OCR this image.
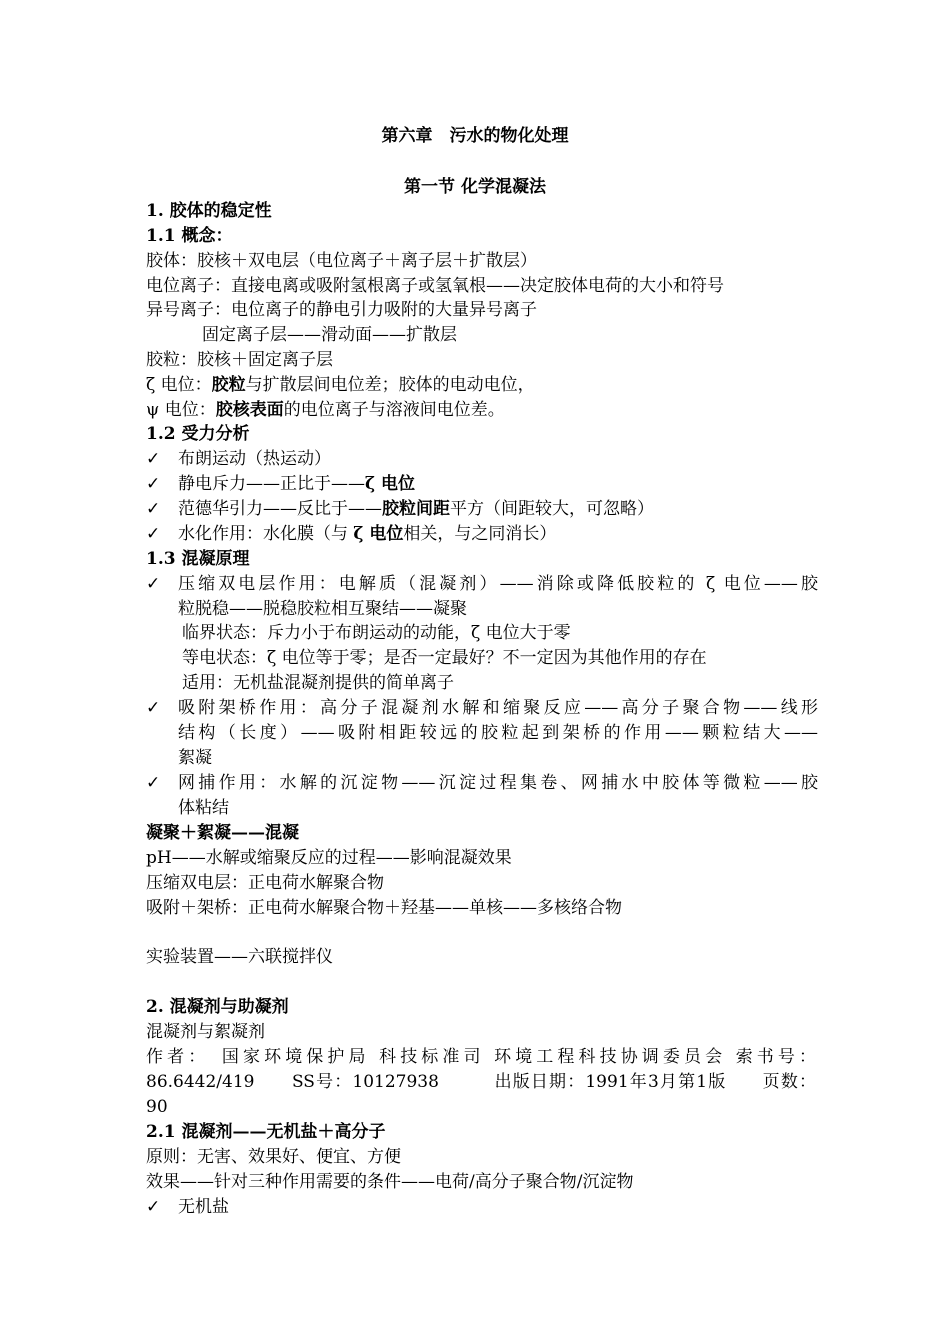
第六章　污水的物化处理
第一节 化学混凝法
1. 胶体的稳定性
1.1 概念：
胶体：胶核＋双电层（电位离子＋离子层＋扩散层）
电位离子：直接电离或吸附氢根离子或氢氧根——决定胶体电荷的大小和符号
异号离子：电位离子的静电引力吸附的大量异号离子
固定离子层——滑动面——扩散层
胶粒：胶核＋固定离子层
ζ 电位：胶粒与扩散层间电位差；胶体的电动电位，
ψ 电位：胶核表面的电位离子与溶液间电位差。
1.2 受力分析
✓ 布朗运动（热运动）
✓ 静电斥力——正比于——ζ 电位
✓ 范德华引力——反比于——胶粒间距平方（间距较大，可忽略）
✓ 水化作用：水化膜（与 ζ 电位相关，与之同消长）
1.3 混凝原理
✓	压缩双电层作用：电解质（混凝剂）——消除或降低胶粒的 ζ 电位——胶
粒脱稳——脱稳胶粒相互聚结——凝聚
临界状态：斥力小于布朗运动的动能，ζ 电位大于零
等电状态：ζ 电位等于零；是否一定最好？不一定因为其他作用的存在
适用：无机盐混凝剂提供的简单离子
✓	吸附架桥作用：高分子混凝剂水解和缩聚反应——高分子聚合物——线形
结构（长度）——吸附相距较远的胶粒起到架桥的作用——颗粒结大——
絮凝
✓	网捕作用：水解的沉淀物——沉淀过程集卷、网捕水中胶体等微粒——胶
体粘结
凝聚＋絮凝——混凝
pH——水解或缩聚反应的过程——影响混凝效果
压缩双电层：正电荷水解聚合物
吸附＋架桥：正电荷水解聚合物＋羟基——单核——多核络合物
实验装置——六联搅拌仪
2. 混凝剂与助凝剂
混凝剂与絮凝剂
作者：　国家环境保护局 科技标准司 环境工程科技协调委员会 索书号：
86.6442/419　　SS号：10127938　　　出版日期：1991年3月第1版　　页数：
90
2.1 混凝剂——无机盐＋高分子
原则：无害、效果好、便宜、方便
效果——针对三种作用需要的条件——电荷/高分子聚合物/沉淀物
✓ 无机盐
